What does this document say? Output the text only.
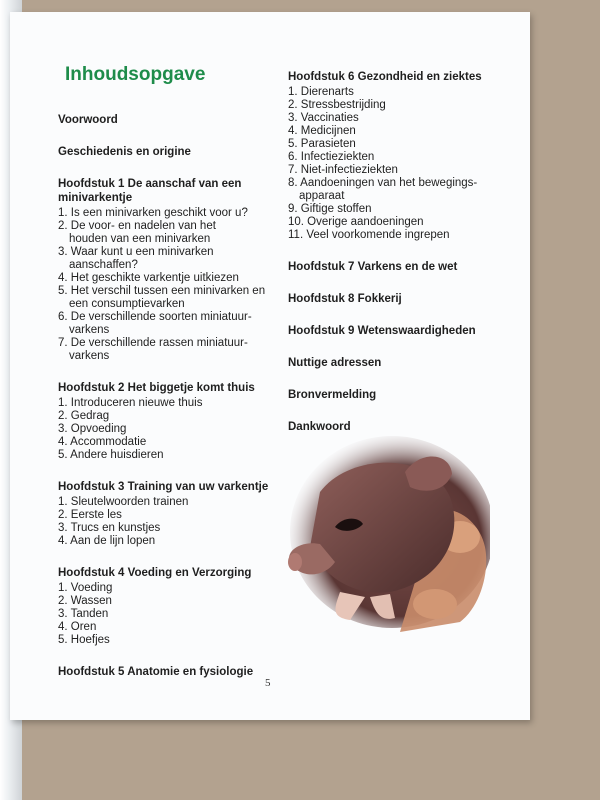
Inhoudsopgave
Voorwoord
Geschiedenis en origine
Hoofdstuk 1 De aanschaf van een minivarkentje
1. Is een minivarken geschikt voor u?
2. De voor- en nadelen van het
houden van een minivarken
3. Waar kunt u een minivarken
aanschaffen?
4. Het geschikte varkentje uitkiezen
5. Het verschil tussen een minivarken en
een consumptievarken
6. De verschillende soorten miniatuur-
varkens
7. De verschillende rassen miniatuur-
varkens
Hoofdstuk 2 Het biggetje komt thuis
1. Introduceren nieuwe thuis
2. Gedrag
3. Opvoeding
4. Accommodatie
5. Andere huisdieren
Hoofdstuk 3 Training van uw varkentje
1. Sleutelwoorden trainen
2. Eerste les
3. Trucs en kunstjes
4. Aan de lijn lopen
Hoofdstuk 4 Voeding en Verzorging
1. Voeding
2. Wassen
3. Tanden
4. Oren
5. Hoefjes
Hoofdstuk 5 Anatomie en fysiologie
Hoofdstuk 6 Gezondheid en ziektes
1. Dierenarts
2. Stressbestrijding
3. Vaccinaties
4. Medicijnen
5. Parasieten
6. Infectieziekten
7. Niet-infectieziekten
8. Aandoeningen van het bewegings-
apparaat
9. Giftige stoffen
10. Overige aandoeningen
11. Veel voorkomende ingrepen
Hoofdstuk 7 Varkens en de wet
Hoofdstuk 8 Fokkerij
Hoofdstuk 9 Wetenswaardigheden
Nuttige adressen
Bronvermelding
Dankwoord
5
